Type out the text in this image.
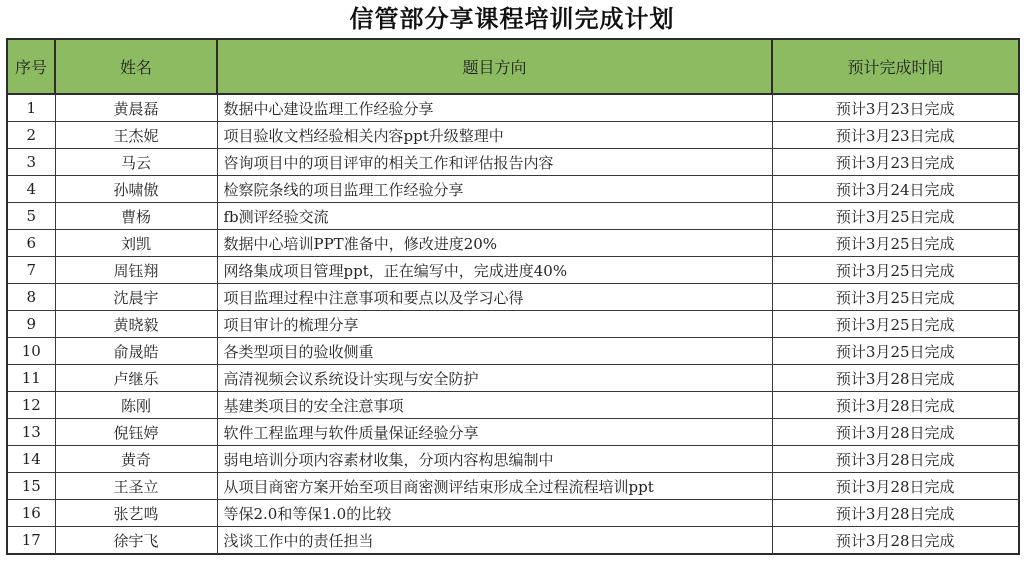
信管部分享课程培训完成计划
序号	姓名	题目方向	预计完成时间
1	黄晨磊	数据中心建设监理工作经验分享	预计3月23日完成
2	王杰妮	项目验收文档经验相关内容ppt升级整理中	预计3月23日完成
3	马云	咨询项目中的项目评审的相关工作和评估报告内容	预计3月23日完成
4	孙啸傲	检察院条线的项目监理工作经验分享	预计3月24日完成
5	曹杨	fb测评经验交流	预计3月25日完成
6	刘凯	数据中心培训PPT准备中，修改进度20%	预计3月25日完成
7	周钰翔	网络集成项目管理ppt，正在编写中，完成进度40%	预计3月25日完成
8	沈晨宇	项目监理过程中注意事项和要点以及学习心得	预计3月25日完成
9	黄晓毅	项目审计的梳理分享	预计3月25日完成
10	俞晟皓	各类型项目的验收侧重	预计3月25日完成
11	卢继乐	高清视频会议系统设计实现与安全防护	预计3月28日完成
12	陈刚	基建类项目的安全注意事项	预计3月28日完成
13	倪钰婷	软件工程监理与软件质量保证经验分享	预计3月28日完成
14	黄奇	弱电培训分项内容素材收集，分项内容构思编制中	预计3月28日完成
15	王圣立	从项目商密方案开始至项目商密测评结束形成全过程流程培训ppt	预计3月28日完成
16	张艺鸣	等保2.0和等保1.0的比较	预计3月28日完成
17	徐宇飞	浅谈工作中的责任担当	预计3月28日完成
